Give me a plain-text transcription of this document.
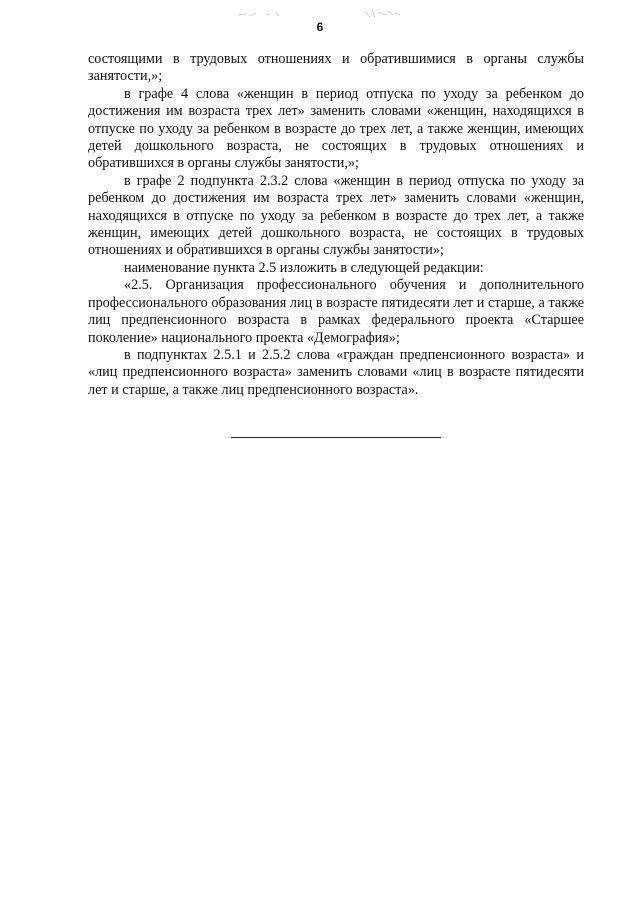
6

состоящими в трудовых отношениях и обратившимися в органы службы занятости,»;

в графе 4 слова «женщин в период отпуска по уходу за ребенком до достижения им возраста трех лет» заменить словами «женщин, находящихся в отпуске по уходу за ребенком в возрасте до трех лет, а также женщин, имеющих детей дошкольного возраста, не состоящих в трудовых отношениях и обратившихся в органы службы занятости,»;

в графе 2 подпункта 2.3.2 слова «женщин в период отпуска по уходу за ребенком до достижения им возраста трех лет» заменить словами «женщин, находящихся в отпуске по уходу за ребенком в возрасте до трех лет, а также женщин, имеющих детей дошкольного возраста, не состоящих в трудовых отношениях и обратившихся в органы службы занятости»;

наименование пункта 2.5 изложить в следующей редакции:

«2.5. Организация профессионального обучения и дополнительного профессионального образования лиц в возрасте пятидесяти лет и старше, а также лиц предпенсионного возраста в рамках федерального проекта «Старшее поколение» национального проекта «Демография»;

в подпунктах 2.5.1 и 2.5.2 слова «граждан предпенсионного возраста» и «лиц предпенсионного возраста» заменить словами «лиц в возрасте пятидесяти лет и старше, а также лиц предпенсионного возраста».
